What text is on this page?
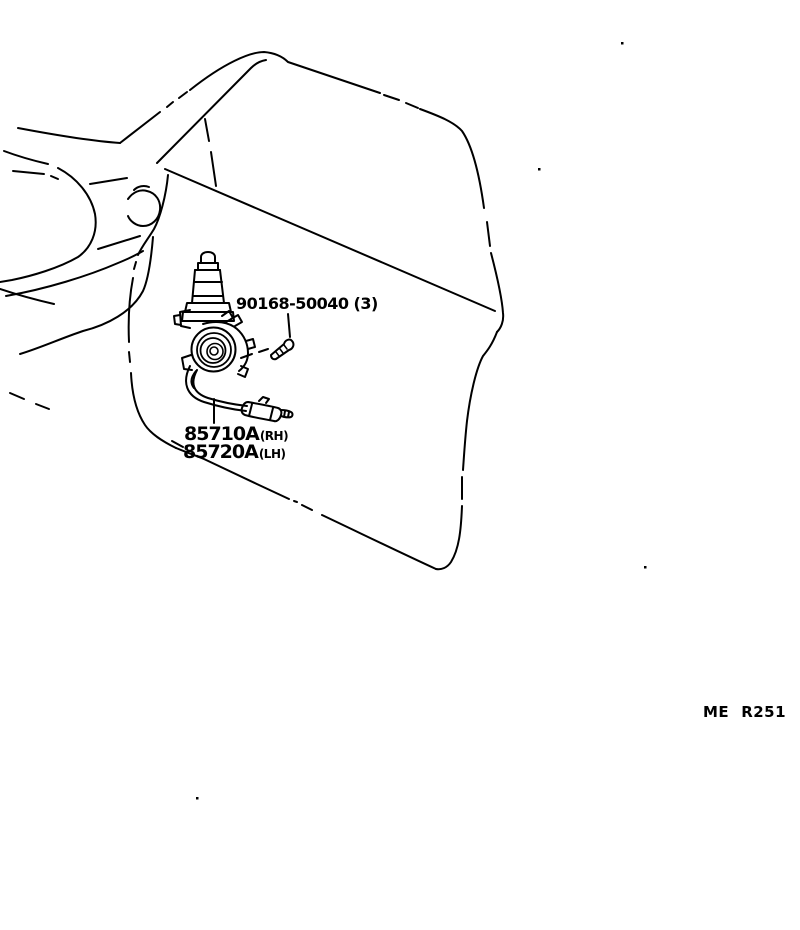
90168-50040 (3)
85710A (RH)
85720A (LH)
ME R251
